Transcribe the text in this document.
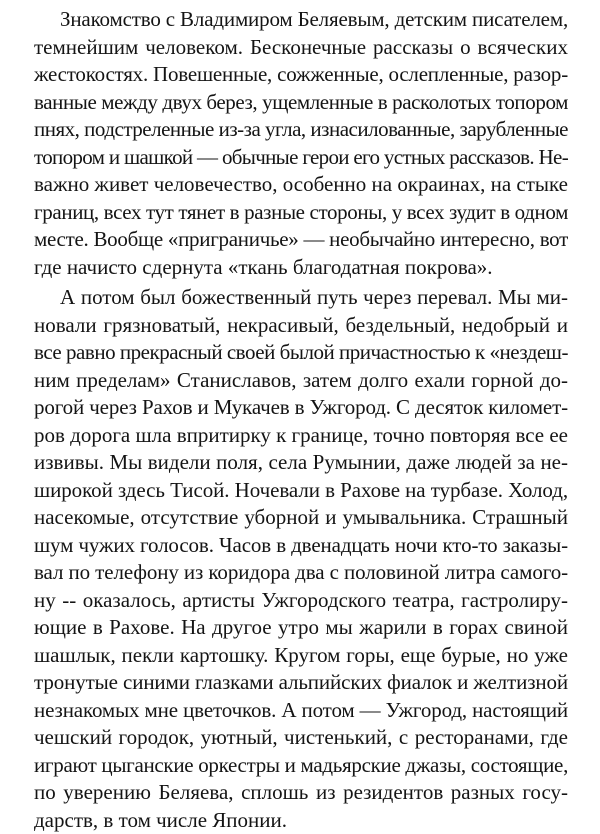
Знакомство с Владимиром Беляевым, детским писателем,
темнейшим человеком. Бесконечные рассказы о всяческих
жестокостях. Повешенные, сожженные, ослепленные, разор-
ванные между двух берез, ущемленные в расколотых топором
пнях, подстреленные из-за угла, изнасилованные, зарубленные
топором и шашкой — обычные герои его устных рассказов. Не-
важно живет человечество, особенно на окраинах, на стыке
границ, всех тут тянет в разные стороны, у всех зудит в одном
месте. Вообще «приграничье» — необычайно интересно, вот
где начисто сдернута «ткань благодатная покрова».
А потом был божественный путь через перевал. Мы ми-
новали грязноватый, некрасивый, бездельный, недобрый и
все равно прекрасный своей былой причастностью к «нездеш-
ним пределам» Станиславов, затем долго ехали горной до-
рогой через Рахов и Мукачев в Ужгород. С десяток километ-
ров дорога шла впритирку к границе, точно повторяя все ее
извивы. Мы видели поля, села Румынии, даже людей за не-
широкой здесь Тисой. Ночевали в Рахове на турбазе. Холод,
насекомые, отсутствие уборной и умывальника. Страшный
шум чужих голосов. Часов в двенадцать ночи кто-то заказы-
вал по телефону из коридора два с половиной литра самого-
ну -- оказалось, артисты Ужгородского театра, гастролиру-
ющие в Рахове. На другое утро мы жарили в горах свиной
шашлык, пекли картошку. Кругом горы, еще бурые, но уже
тронутые синими глазками альпийских фиалок и желтизной
незнакомых мне цветочков. А потом — Ужгород, настоящий
чешский городок, уютный, чистенький, с ресторанами, где
играют цыганские оркестры и мадьярские джазы, состоящие,
по уверению Беляева, сплошь из резидентов разных госу-
дарств, в том числе Японии.
